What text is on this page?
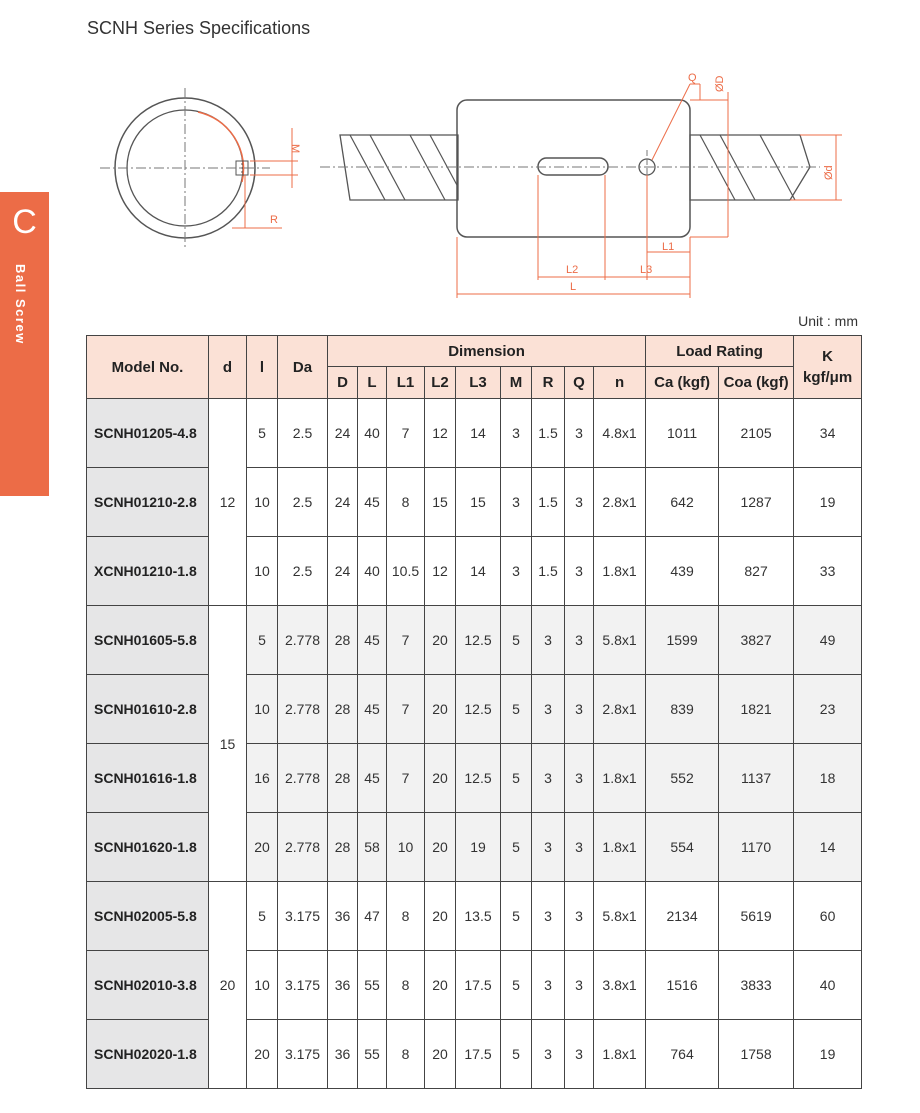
SCNH Series Specifications
C
Ball Screw
M
R
Q ØD
Ød
L1
L2	L3
L
Unit : mm
Model No.	d	l	Da	Dimension									Load Rating		K
kgf/μm
				D	L	L1	L2	L3	M	R	Q	n	Ca (kgf)	Coa (kgf)	
SCNH01205-4.8	12	5	2.5	24	40	7	12	14	3	1.5	3	4.8x1	1011	2105	34
SCNH01210-2.8		10	2.5	24	45	8	15	15	3	1.5	3	2.8x1	642	1287	19
XCNH01210-1.8		10	2.5	24	40	10.5	12	14	3	1.5	3	1.8x1	439	827	33
SCNH01605-5.8	15	5	2.778	28	45	7	20	12.5	5	3	3	5.8x1	1599	3827	49
SCNH01610-2.8		10	2.778	28	45	7	20	12.5	5	3	3	2.8x1	839	1821	23
SCNH01616-1.8		16	2.778	28	45	7	20	12.5	5	3	3	1.8x1	552	1137	18
SCNH01620-1.8		20	2.778	28	58	10	20	19	5	3	3	1.8x1	554	1170	14
SCNH02005-5.8	20	5	3.175	36	47	8	20	13.5	5	3	3	5.8x1	2134	5619	60
SCNH02010-3.8		10	3.175	36	55	8	20	17.5	5	3	3	3.8x1	1516	3833	40
SCNH02020-1.8		20	3.175	36	55	8	20	17.5	5	3	3	1.8x1	764	1758	19
